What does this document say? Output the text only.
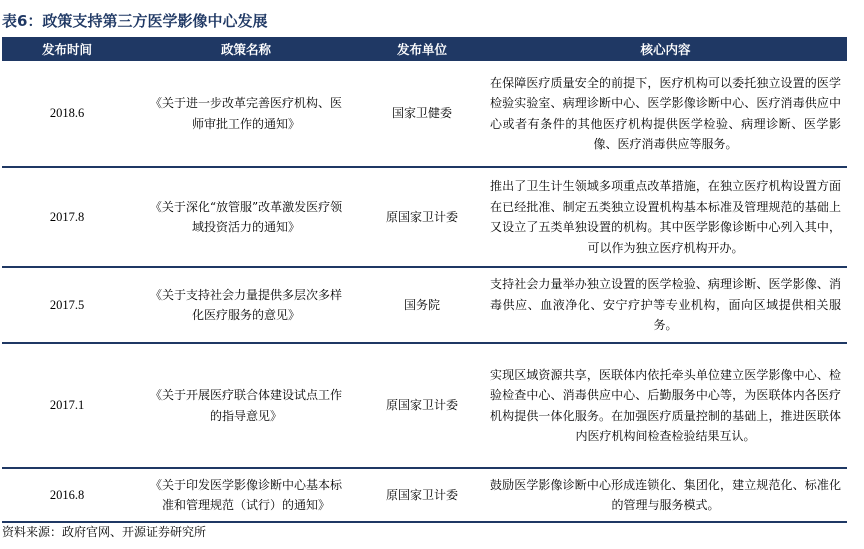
表6：政策支持第三方医学影像中心发展
发布时间	政策名称	发布单位	核心内容
2018.6	《关于进一步改革完善医疗机构、医师审批工作的通知》	国家卫健委	在保障医疗质量安全的前提下，医疗机构可以委托独立设置的医学检验实验室、病理诊断中心、医学影像诊断中心、医疗消毒供应中心或者有条件的其他医疗机构提供医学检验、病理诊断、医学影像、医疗消毒供应等服务。
2017.8	《关于深化“放管服”改革激发医疗领域投资活力的通知》	原国家卫计委	推出了卫生计生领域多项重点改革措施，在独立医疗机构设置方面在已经批准、制定五类独立设置机构基本标准及管理规范的基础上又设立了五类单独设置的机构。其中医学影像诊断中心列入其中，可以作为独立医疗机构开办。
2017.5	《关于支持社会力量提供多层次多样化医疗服务的意见》	国务院	支持社会力量举办独立设置的医学检验、病理诊断、医学影像、消毒供应、血液净化、安宁疗护等专业机构，面向区域提供相关服务。
2017.1	《关于开展医疗联合体建设试点工作的指导意见》	原国家卫计委	实现区域资源共享，医联体内依托牵头单位建立医学影像中心、检验检查中心、消毒供应中心、后勤服务中心等，为医联体内各医疗机构提供一体化服务。在加强医疗质量控制的基础上，推进医联体内医疗机构间检查检验结果互认。
2016.8	《关于印发医学影像诊断中心基本标准和管理规范（试行）的通知》	原国家卫计委	鼓励医学影像诊断中心形成连锁化、集团化，建立规范化、标准化的管理与服务模式。
资料来源：政府官网、开源证券研究所
